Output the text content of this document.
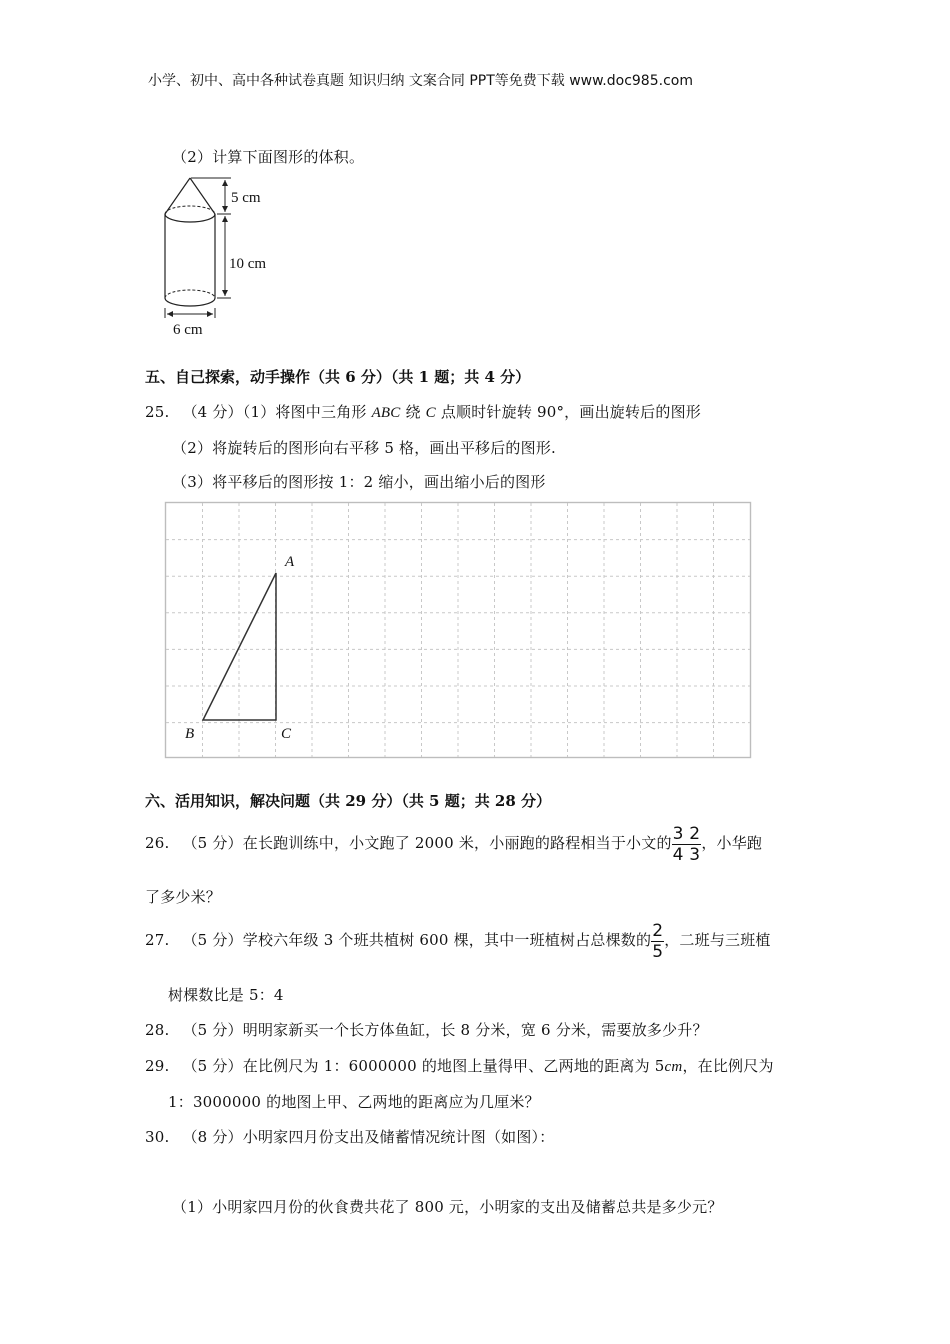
小学、初中、高中各种试卷真题 知识归纳 文案合同 PPT等免费下载 www.doc985.com
（2）计算下面图形的体积。
5 cm
10 cm
6 cm
五、自己探索，动手操作（共 6 分）（共 1 题；共 4 分）
25. （4 分）（1）将图中三角形 ABC 绕 C 点顺时针旋转 90°，画出旋转后的图形
（2）将旋转后的图形向右平移 5 格，画出平移后的图形.
（3）将平移后的图形按 1：2 缩小，画出缩小后的图形
A
B	C
六、活用知识，解决问题（共 29 分）（共 5 题；共 28 分）
26. （5 分）在长跑训练中，小文跑了 2000 米，小丽跑的路程相当于小文的 $\frac{3 2}{4 3}$ ，小华跑
了多少米？
27. （5 分）学校六年级 3 个班共植树 600 棵，其中一班植树占总棵数的 $\frac{2}{5}$ ，二班与三班植
树棵数比是 5：4
28. （5 分）明明家新买一个长方体鱼缸，长 8 分米，宽 6 分米，需要放多少升？
29. （5 分）在比例尺为 1：6000000 的地图上量得甲、乙两地的距离为 5cm，在比例尺为
1：3000000 的地图上甲、乙两地的距离应为几厘米？
30. （8 分）小明家四月份支出及储蓄情况统计图（如图）：
（1）小明家四月份的伙食费共花了 800 元，小明家的支出及储蓄总共是多少元？
